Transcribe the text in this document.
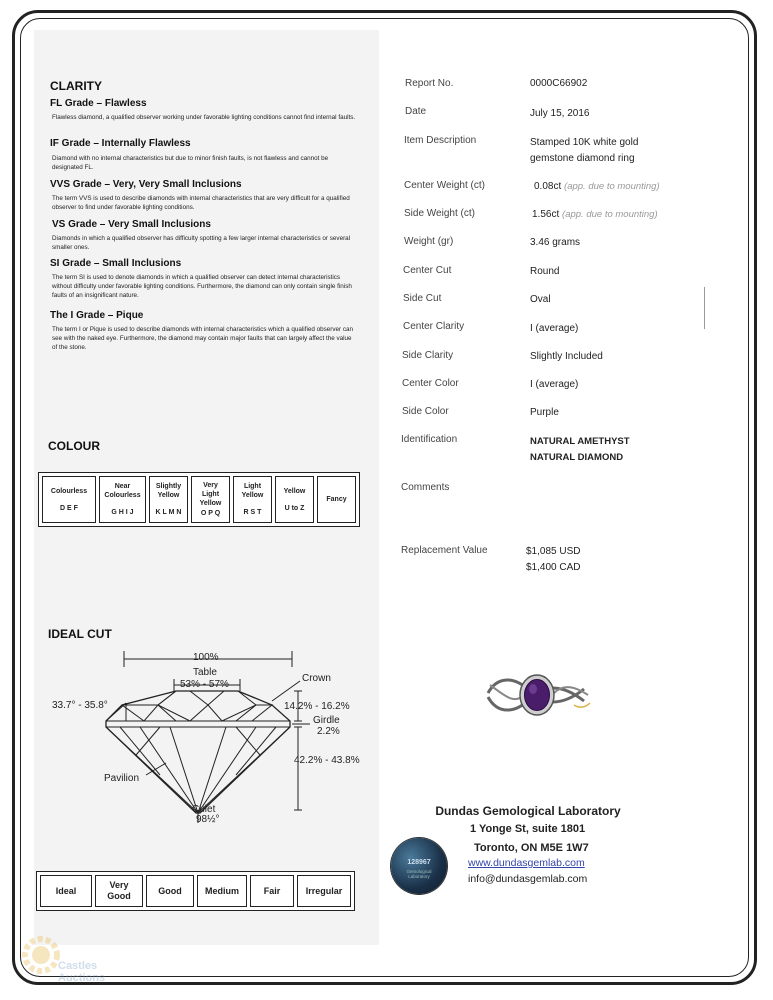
CLARITY
FL Grade – Flawless
Flawless diamond, a qualified observer working under favorable lighting conditions cannot find internal faults.
IF Grade – Internally Flawless
Diamond with no internal characteristics but due to minor finish faults, is not flawless and cannot be designated FL.
VVS Grade – Very, Very Small Inclusions
The term VVS is used to describe diamonds with internal characteristics that are very difficult for a qualified observer to find under favorable lighting conditions.
VS Grade – Very Small Inclusions
Diamonds in which a qualified observer has difficulty spotting a few larger internal characteristics or several smaller ones.
SI Grade – Small Inclusions
The term SI is used to denote diamonds in which a qualified observer can detect internal characteristics without difficulty under favorable lighting conditions. Furthermore, the diamond can only contain single finish faults of an insignificant nature.
The I Grade – Pique
The term I or Pique is used to describe diamonds with internal characteristics which a qualified observer can see with the naked eye. Furthermore, the diamond may contain major faults that can largely affect the value of the stone.
COLOUR
Colourless
D E F

Near Colourless
G H I J

Slightly Yellow
K L M N

Very Light Yellow
O P Q

Light Yellow
R S T

Yellow
U to Z

Fancy
IDEAL CUT
100%
Table
53% - 57%
Crown
33.7° - 35.8°	14.2% - 16.2%
Girdle
2.2%
42.2% - 43.8%
Pavilion
Culet
98½°
Ideal	
Very Good
	Good	Medium	Fair	Irregular
Report No.	0000C66902
Date	July 15, 2016
Item Description	Stamped 10K white gold
gemstone diamond ring
Center Weight (ct)	0.08ct (app. due to mounting)
Side Weight (ct)	1.56ct (app. due to mounting)
Weight (gr)	3.46 grams
Center Cut	Round
Side Cut	Oval
Center Clarity	I (average)
Side Clarity	Slightly Included
Center Color	I (average)
Side Color	Purple
Identification	NATURAL AMETHYST
NATURAL DIAMOND
Comments
Replacement Value	$1,085 USD
$1,400 CAD
Dundas Gemological Laboratory
1 Yonge St, suite 1801
Toronto, ON M5E 1W7
www.dundasgemlab.com
info@dundasgemlab.com
128967
Gemological Laboratory
Castles Auctions
